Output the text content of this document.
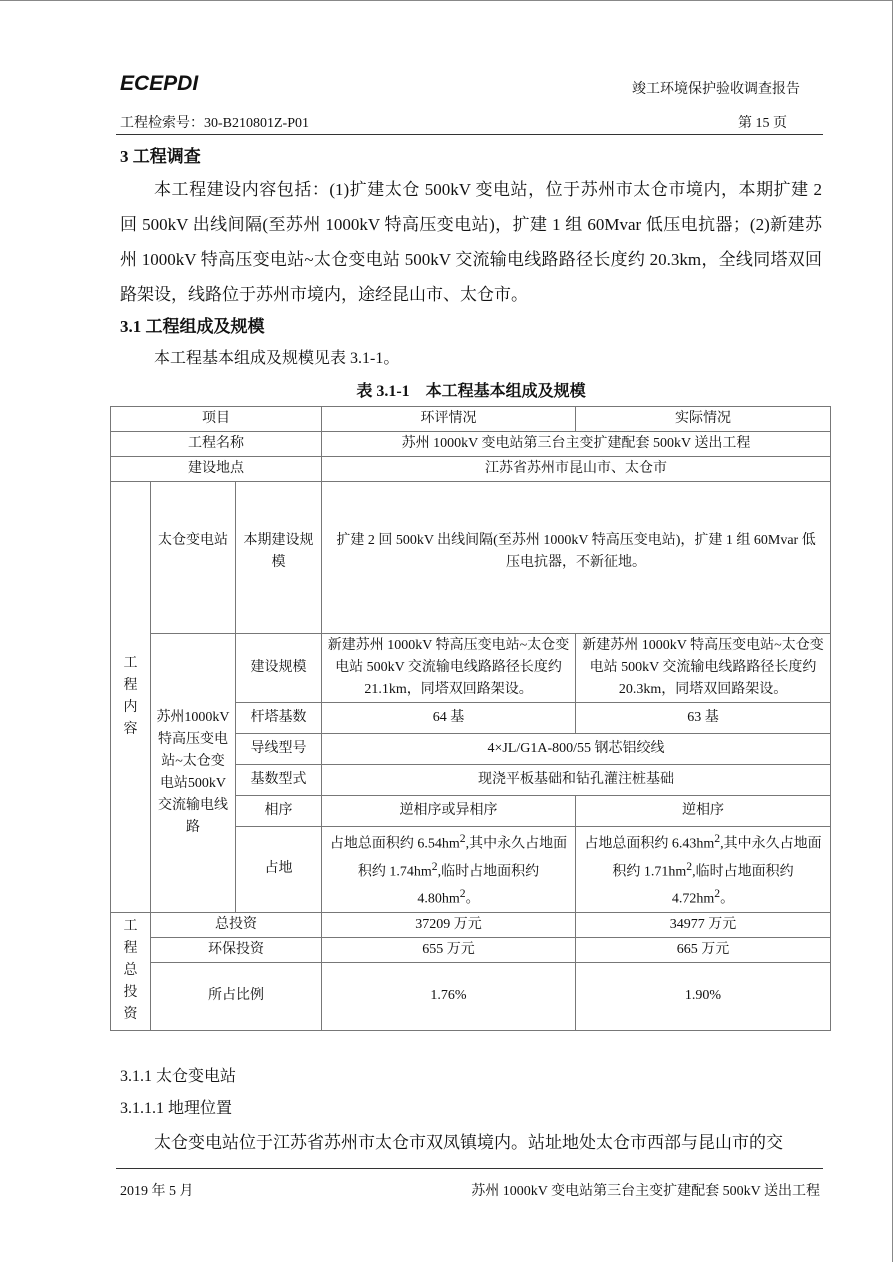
ECEPDI	竣工环境保护验收调查报告
工程检索号：30-B210801Z-P01	第 15 页

3 工程调查

本工程建设内容包括：(1)扩建太仓 500kV 变电站，位于苏州市太仓市境内，本期扩建 2 回 500kV 出线间隔(至苏州 1000kV 特高压变电站)，扩建 1 组 60Mvar 低压电抗器；(2)新建苏州 1000kV 特高压变电站~太仓变电站 500kV 交流输电线路路径长度约 20.3km，全线同塔双回路架设，线路位于苏州市境内，途经昆山市、太仓市。

3.1 工程组成及规模

本工程基本组成及规模见表 3.1-1。

表 3.1-1　本工程基本组成及规模

项目			环评情况	实际情况
工程名称			苏州 1000kV 变电站第三台主变扩建配套 500kV 送出工程	
建设地点			江苏省苏州市昆山市、太仓市	
工程内容	太仓变电站	本期建设规模	扩建 2 回 500kV 出线间隔(至苏州 1000kV 特高压变电站)，扩建 1 组 60Mvar 低压电抗器，不新征地。	
	苏州1000kV特高压变电站~太仓变电站500kV交流输电线路	建设规模	新建苏州 1000kV 特高压变电站~太仓变电站 500kV 交流输电线路路径长度约 21.1km，同塔双回路架设。	新建苏州 1000kV 特高压变电站~太仓变电站 500kV 交流输电线路路径长度约 20.3km，同塔双回路架设。
		杆塔基数	64 基	63 基
		导线型号	4×JL/G1A-800/55 钢芯铝绞线	
		基数型式	现浇平板基础和钻孔灌注桩基础	
		相序	逆相序或异相序	逆相序
		占地	占地总面积约 $6.54hm^2$,其中永久占地面积约 $1.74hm^2$,临时占地面积约 $4.80hm^2$。	占地总面积约 $6.43hm^2$,其中永久占地面积约 $1.71hm^2$,临时占地面积约 $4.72hm^2$。

工程总投资	总投资		37209 万元	34977 万元
	环保投资		655 万元	665 万元
	所占比例		1.76%	1.90%

3.1.1 太仓变电站

3.1.1.1 地理位置

太仓变电站位于江苏省苏州市太仓市双凤镇境内。站址地处太仓市西部与昆山市的交

2019 年 5 月	苏州 1000kV 变电站第三台主变扩建配套 500kV 送出工程
